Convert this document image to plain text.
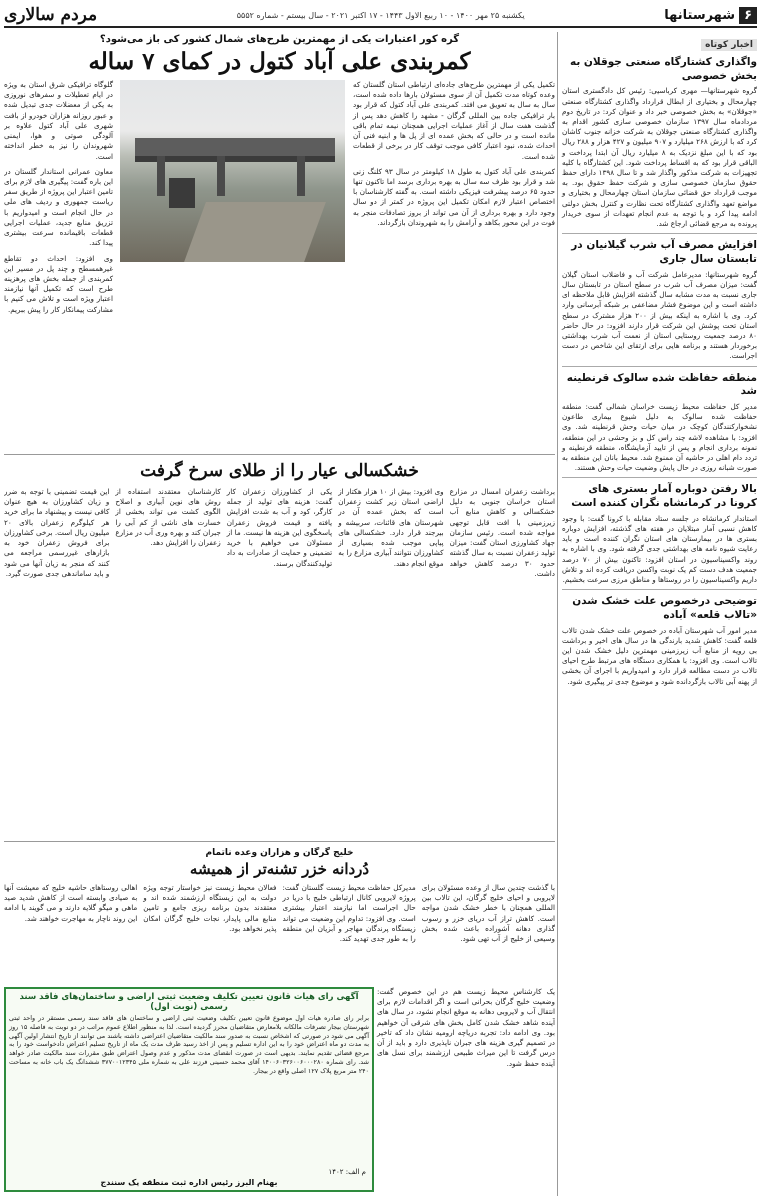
۶
شهرستانها
یکشنبه ۲۵ مهر ۱۴۰۰ - ۱۰ ربیع الاول ۱۴۴۳ - ۱۷ اکتبر ۲۰۲۱ - سال بیستم - شماره ۵۵۵۲
مردم سالاری
اخبار کوتاه
واگذاری کشتارگاه صنعتی جوقلان به بخش خصوصی

گروه شهرستانها— مهری کرباسیی: رئیس کل دادگستری استان چهارمحال و بختیاری از ابطال قرارداد واگذاری کشتارگاه صنعتی «جوقلان» به بخش خصوصی خبر داد و عنوان کرد: در تاریخ دوم مردادماه سال ۱۳۹۷ سازمان خصوصی سازی کشور اقدام به واگذاری کشتارگاه صنعتی جوقلان به شرکت خزانه جنوب کاشان کرد که با ارزش ۲۶۸ میلیارد و ۹۰۷ میلیون و ۴۲۷ هزار و ۲۸۸ ریال بود که با این مبلغ نزدیک به ۸ میلیارد ریال آن ابتدا پرداخت و الباقی قرار بود که به اقساط پرداخت شود. این کشتارگاه با کلیه تجهیزات به شرکت مذکور واگذار شد و تا سال ۱۳۹۸ دارای حفظ حقوق سازمان خصوصی سازی و شرکت حفظ حقوق بود. به موجب قرارداد حق قضائی سازمان استان چهارمحال و بختیاری و مواضع تعهد واگذاری کشتارگاه تحت نظارت و کنترل بخش دولتی ادامه پیدا کرد و با توجه به عدم انجام تعهدات از سوی خریدار پرونده به مرجع قضائی ارجاع شد.

افزایش مصرف آب شرب گیلانیان در تابستان سال جاری

گروه شهرستانها: مدیرعامل شرکت آب و فاضلاب استان گیلان گفت: میزان مصرف آب شرب در سطح استان در تابستان سال جاری نسبت به مدت مشابه سال گذشته افزایش قابل ملاحظه ای داشته است و این موضوع فشار مضاعفی بر شبکه آبرسانی وارد کرد. وی با اشاره به اینکه بیش از ۲۰۰ هزار مشترک در سطح استان تحت پوشش این شرکت قرار دارند افزود: در حال حاضر ۸۰ درصد جمعیت روستایی استان از نعمت آب شرب بهداشتی برخوردار هستند و برنامه هایی برای ارتقای این شاخص در دست اجراست.

منطقه حفاظت شده سالوک قرنطینه شد

مدیر کل حفاظت محیط زیست خراسان شمالی گفت: منطقه حفاظت شده سالوک به دلیل شیوع بیماری طاعون نشخوارکنندگان کوچک در میان حیات وحش قرنطینه شد. وی افزود: با مشاهده لاشه چند راس کل و بز وحشی در این منطقه، نمونه برداری انجام و پس از تایید آزمایشگاه، منطقه قرنطینه و تردد دام اهلی در حاشیه آن ممنوع شد. محیط بانان این منطقه به صورت شبانه روزی در حال پایش وضعیت حیات وحش هستند.

بالا رفتن دوباره آمار بستری های کرونا در کرمانشاه نگران کننده است

استاندار کرمانشاه در جلسه ستاد مقابله با کرونا گفت: با وجود کاهش نسبی آمار مبتلایان در هفته های گذشته، افزایش دوباره بستری ها در بیمارستان های استان نگران کننده است و باید رعایت شیوه نامه های بهداشتی جدی گرفته شود. وی با اشاره به روند واکسیناسیون در استان افزود: تاکنون بیش از ۷۰ درصد جمعیت هدف دست کم یک نوبت واکسن دریافت کرده اند و تلاش داریم واکسیناسیون را در روستاها و مناطق مرزی سرعت بخشیم.

توضیحی درخصوص علت خشک شدن «تالاب قلعه» آباده

مدیر امور آب شهرستان آباده در خصوص علت خشک شدن تالاب قلعه گفت: کاهش شدید بارندگی ها در سال های اخیر و برداشت بی رویه از منابع آب زیرزمینی مهمترین دلیل خشک شدن این تالاب است. وی افزود: با همکاری دستگاه های مرتبط طرح احیای تالاب در دست مطالعه قرار دارد و امیدواریم با اجرای آن بخشی از پهنه آبی تالاب بازگردانده شود و موضوع جدی تر پیگیری شود.

گره کور اعتبارات یکی از مهمترین طرح‌های شمال کشور کی باز می‌شود؟
کمربندی علی آباد کتول در کمای ۷ ساله

تکمیل یکی از مهمترین طرح‌های جاده‌ای ارتباطی استان گلستان که وعده کوتاه مدت تکمیل آن از سوی مسئولان بارها داده شده است، سال به سال به تعویق می افتد. کمربندی علی آباد کتول که قرار بود بار ترافیکی جاده بین المللی گرگان - مشهد را کاهش دهد پس از گذشت هفت سال از آغاز عملیات اجرایی همچنان نیمه تمام باقی مانده است و در حالی که بخش عمده ای از پل ها و ابنیه فنی آن احداث شده، نبود اعتبار کافی موجب توقف کار در برخی از قطعات شده است.

کمربندی علی آباد کتول به طول ۱۸ کیلومتر در سال ۹۳ کلنگ زنی شد و قرار بود ظرف سه سال به بهره برداری برسد اما تاکنون تنها حدود ۶۵ درصد پیشرفت فیزیکی داشته است. به گفته کارشناسان با اختصاص اعتبار لازم امکان تکمیل این پروژه در کمتر از دو سال وجود دارد و بهره برداری از آن می تواند از بروز تصادفات منجر به فوت در این محور بکاهد و آرامش را به شهروندان بازگرداند.

گلوگاه ترافیکی شرق استان به ویژه در ایام تعطیلات و سفرهای نوروزی به یکی از معضلات جدی تبدیل شده و عبور روزانه هزاران خودرو از بافت شهری علی آباد کتول علاوه بر آلودگی صوتی و هوا، ایمنی شهروندان را نیز به خطر انداخته است.

معاون عمرانی استاندار گلستان در این باره گفت: پیگیری های لازم برای تامین اعتبار این پروژه از طریق سفر ریاست جمهوری و ردیف های ملی در حال انجام است و امیدواریم با تزریق منابع جدید، عملیات اجرایی قطعات باقیمانده سرعت بیشتری پیدا کند.

وی افزود: احداث دو تقاطع غیرهمسطح و چند پل در مسیر این کمربندی از جمله بخش های پرهزینه طرح است که تکمیل آنها نیازمند اعتبار ویژه است و تلاش می کنیم با مشارکت پیمانکار کار را پیش ببریم.

خشکسالی عیار را از طلای سرخ گرفت

برداشت زعفران امسال در مزارع استان خراسان جنوبی به دلیل خشکسالی و کاهش منابع آب زیرزمینی با افت قابل توجهی مواجه شده است. رئیس سازمان جهاد کشاورزی استان گفت: میزان تولید زعفران نسبت به سال گذشته حدود ۳۰ درصد کاهش خواهد داشت.

وی افزود: بیش از ۱۰ هزار هکتار از اراضی استان زیر کشت زعفران است که بخش عمده آن در شهرستان های قائنات، سربیشه و بیرجند قرار دارد. خشکسالی های پیاپی موجب شده بسیاری از کشاورزان نتوانند آبیاری مزارع را به موقع انجام دهند.

یکی از کشاورزان زعفران کار گفت: هزینه های تولید از جمله کارگر، کود و آب به شدت افزایش یافته و قیمت فروش زعفران پاسخگوی این هزینه ها نیست. ما از مسئولان می خواهیم با خرید تضمینی و حمایت از صادرات به داد تولیدکنندگان برسند.

کارشناسان معتقدند استفاده از روش های نوین آبیاری و اصلاح الگوی کشت می تواند بخشی از خسارت های ناشی از کم آبی را جبران کند و بهره وری آب در مزارع زعفران را افزایش دهد.

این قیمت تضمینی با توجه به ضرر و زیان کشاورزان به هیچ عنوان کافی نیست و پیشنهاد ما برای خرید هر کیلوگرم زعفران بالای ۲۰ میلیون ریال است. برخی کشاورزان برای فروش زعفران خود به بازارهای غیررسمی مراجعه می کنند که منجر به زیان آنها می شود و باید ساماندهی جدی صورت گیرد.

خلیج گرگان و هزاران وعده ناتمام
دُردانه خزر تشنه‌تر از همیشه

با گذشت چندین سال از وعده مسئولان برای لایروبی و احیای خلیج گرگان، این تالاب بین المللی همچنان با خطر خشک شدن مواجه است. کاهش تراز آب دریای خزر و رسوب گذاری دهانه آشوراده باعث شده بخش وسیعی از خلیج از آب تهی شود.

مدیرکل حفاظت محیط زیست گلستان گفت: پروژه لایروبی کانال ارتباطی خلیج با دریا در حال اجراست اما نیازمند اعتبار بیشتری است. وی افزود: تداوم این وضعیت می تواند زیستگاه پرندگان مهاجر و آبزیان این منطقه را به طور جدی تهدید کند.

فعالان محیط زیست نیز خواستار توجه ویژه دولت به این زیستگاه ارزشمند شده اند و معتقدند بدون برنامه ریزی جامع و تامین منابع مالی پایدار، نجات خلیج گرگان امکان پذیر نخواهد بود.

اهالی روستاهای حاشیه خلیج که معیشت آنها به صیادی وابسته است از کاهش شدید صید ماهی و میگو گلایه دارند و می گویند با ادامه این روند ناچار به مهاجرت خواهند شد.

یک کارشناس محیط زیست هم در این خصوص گفت: وضعیت خلیج گرگان بحرانی است و اگر اقدامات لازم برای انتقال آب و لایروبی دهانه به موقع انجام نشود، در سال های آینده شاهد خشک شدن کامل بخش های شرقی آن خواهیم بود. وی ادامه داد: تجربه دریاچه ارومیه نشان داد که تاخیر در تصمیم گیری هزینه های جبران ناپذیری دارد و باید از آن درس گرفت تا این میراث طبیعی ارزشمند برای نسل های آینده حفظ شود.

آگهی رای هیات قانون تعیین تکلیف وضعیت ثبتی اراضی و ساختمان‌های فاقد سند رسمی (نوبت اول)
برابر رای صادره هیات اول موضوع قانون تعیین تکلیف وضعیت ثبتی اراضی و ساختمان های فاقد سند رسمی مستقر در واحد ثبتی شهرستان بیجار تصرفات مالکانه بلامعارض متقاضیان محرز گردیده است. لذا به منظور اطلاع عموم مراتب در دو نوبت به فاصله ۱۵ روز آگهی می شود در صورتی که اشخاص نسبت به صدور سند مالکیت متقاضیان اعتراضی داشته باشند می توانند از تاریخ انتشار اولین آگهی به مدت دو ماه اعتراض خود را به این اداره تسلیم و پس از اخذ رسید ظرف مدت یک ماه از تاریخ تسلیم اعتراض دادخواست خود را به مرجع قضائی تقدیم نمایند. بدیهی است در صورت انقضای مدت مذکور و عدم وصول اعتراض طبق مقررات سند مالکیت صادر خواهد شد. رای شماره ۱۴۰۰۶۰۳۲۶۰۰۶۰۰۰۲۸۰ آقای محمد حسینی فرزند علی به شماره ملی ۳۷۷۰۰۱۲۳۴۵ ششدانگ یک باب خانه به مساحت ۲۴۰ متر مربع پلاک ۱۲۷ اصلی واقع در بیجار.
م الف: ۱۴۰۲
بهنام البرز رئیس اداره ثبت منطقه یک سنندج
